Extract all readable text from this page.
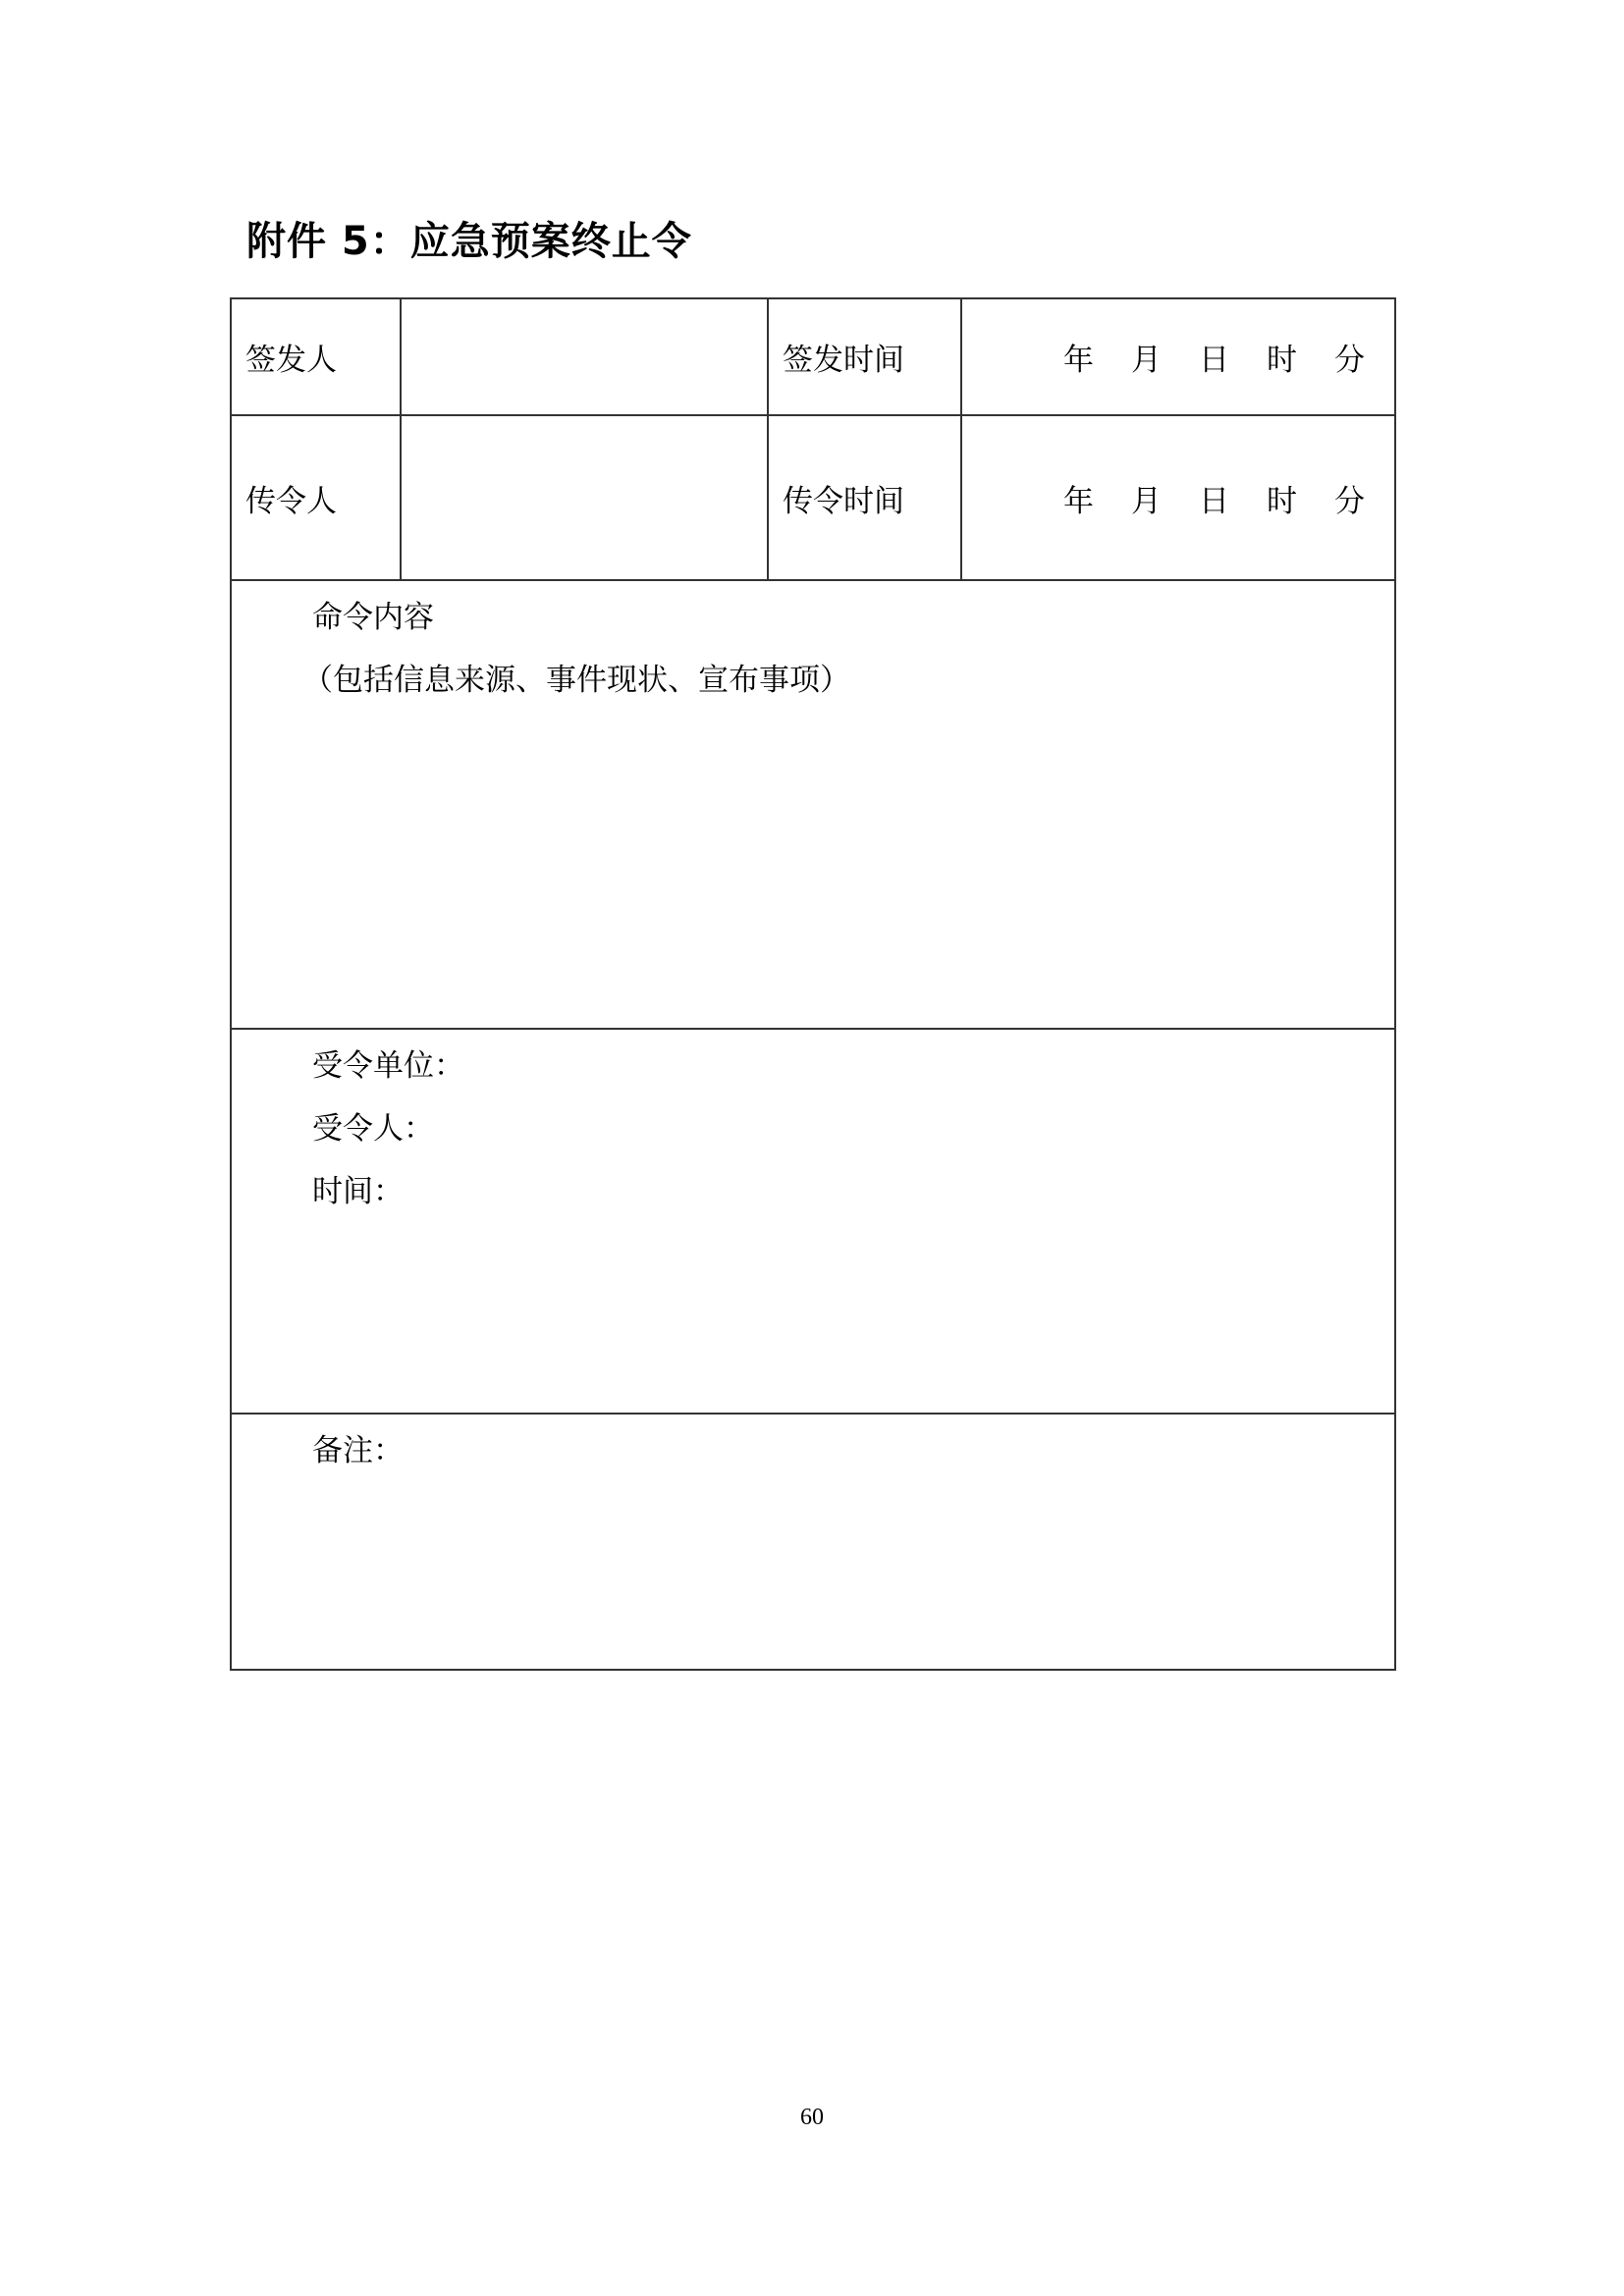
附件 5：应急预案终止令
签发人		签发时间	年 月 日 时 分
传令人		传令时间	年 月 日 时 分

命令内容
（包括信息来源、事件现状、宣布事项）			

受令单位：
受令人：
时间：			

备注：			
60
